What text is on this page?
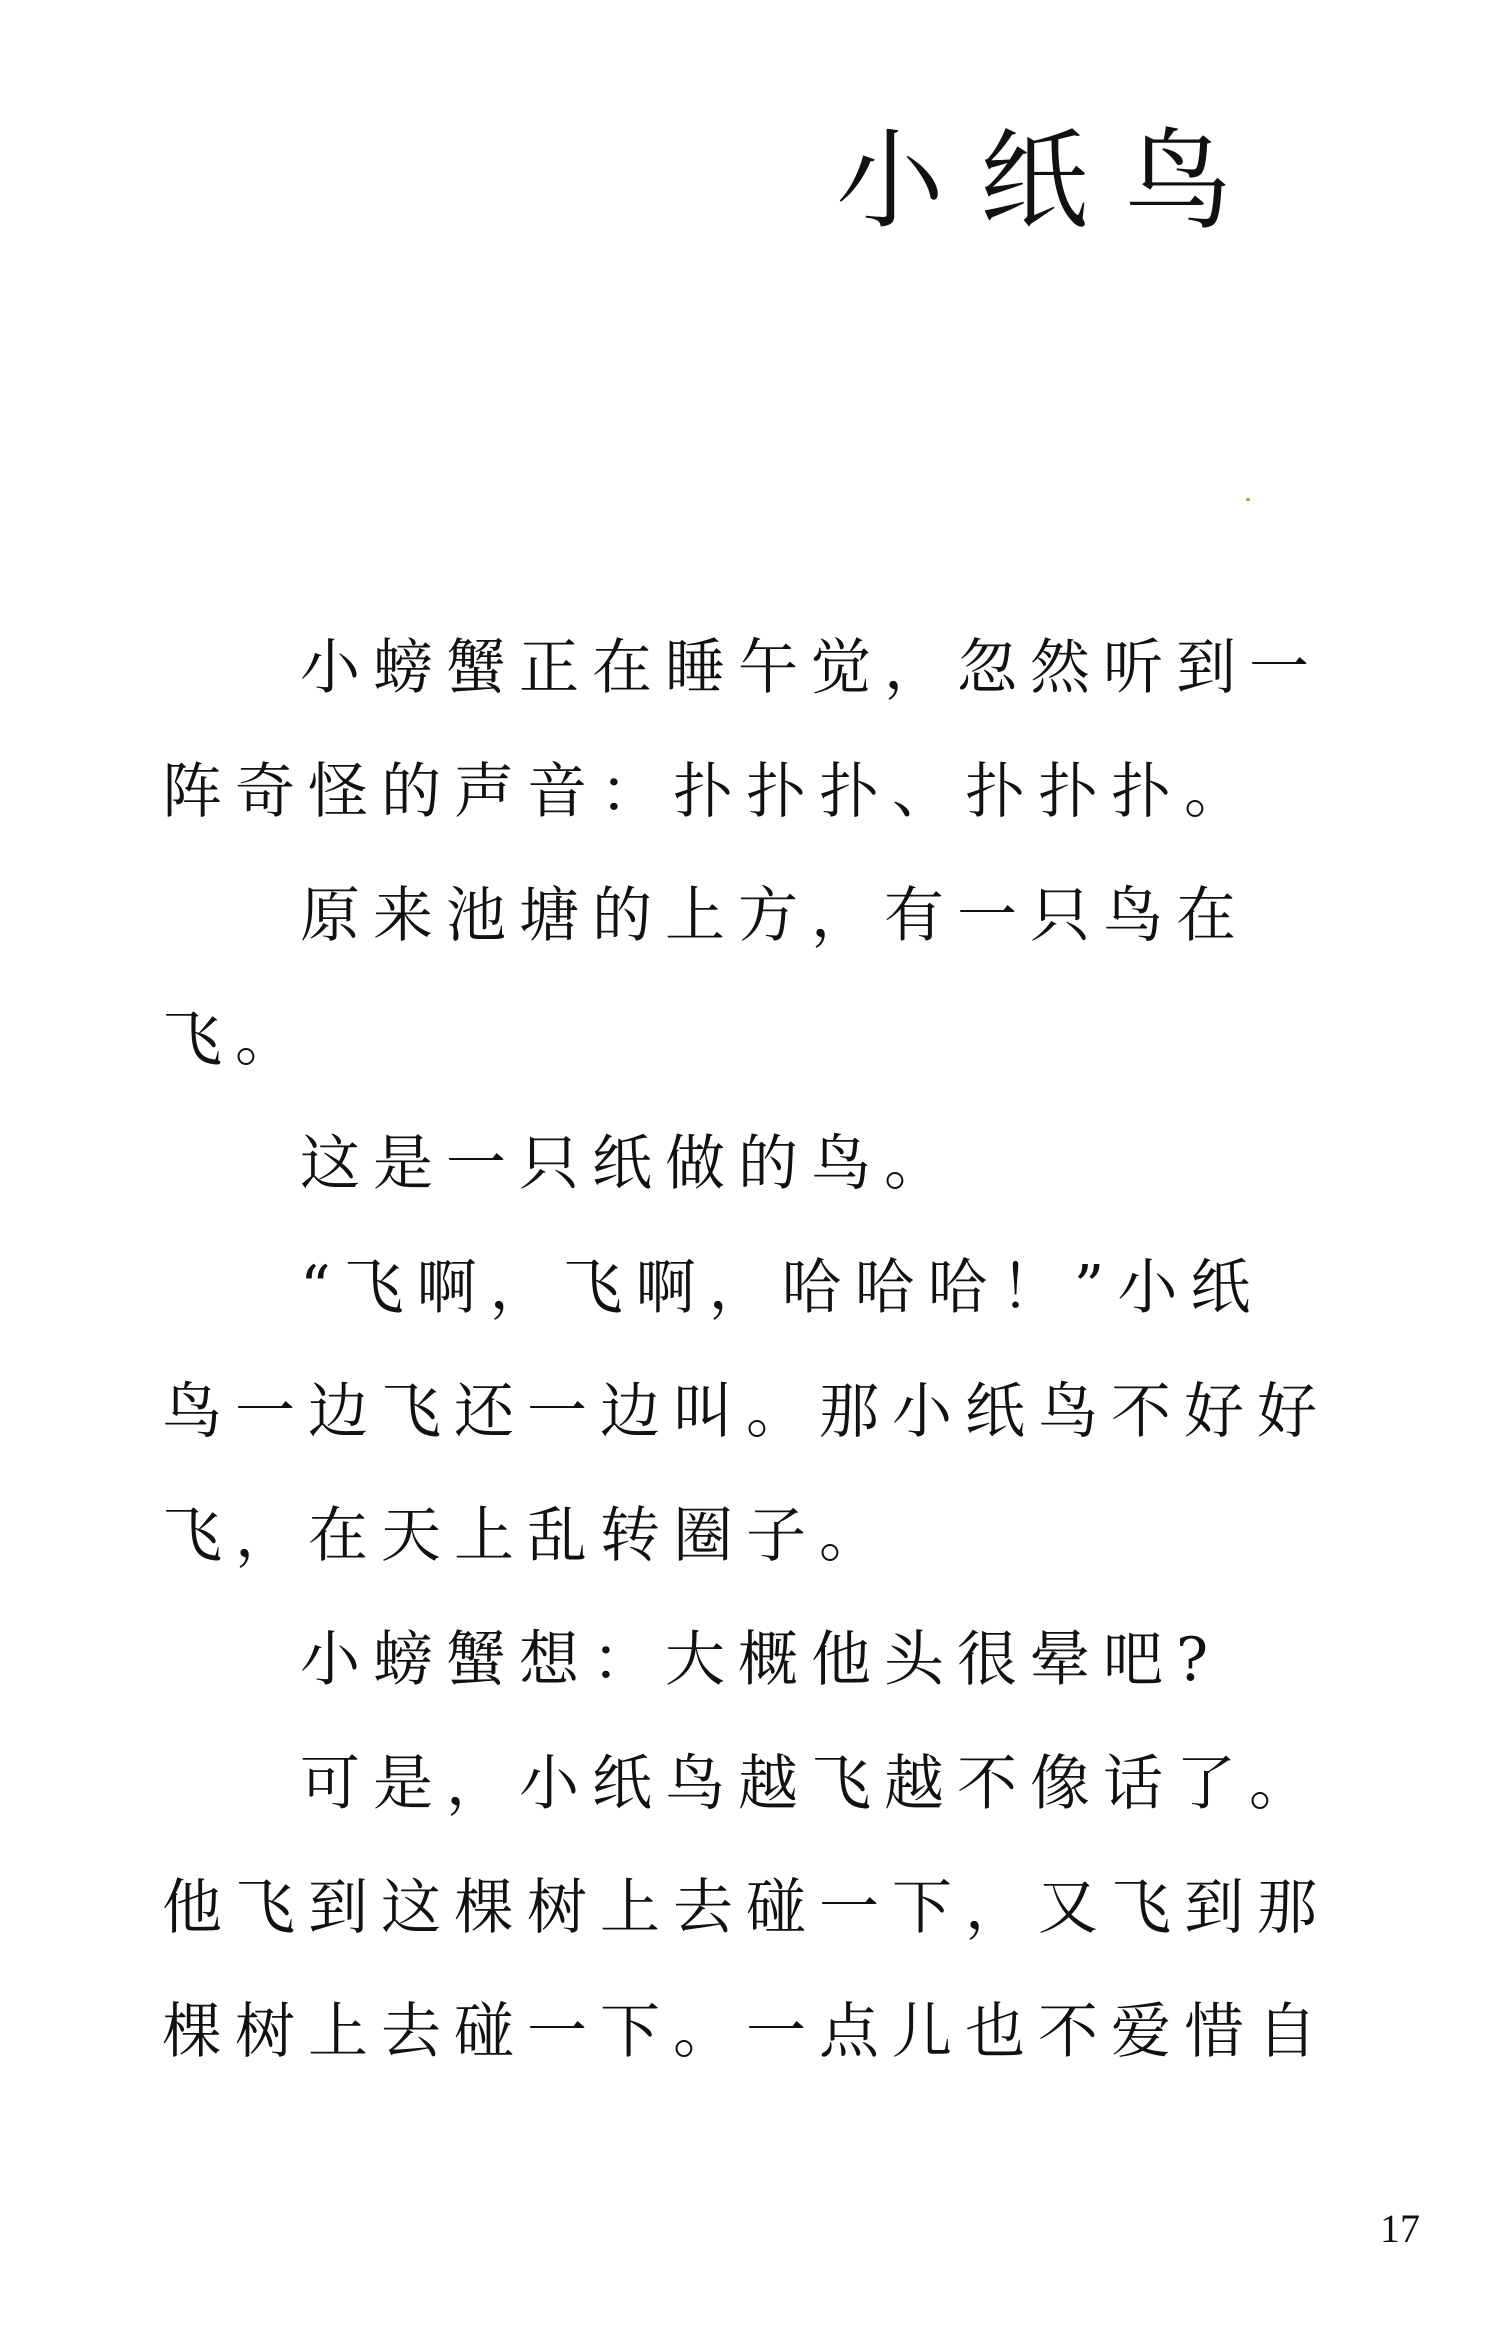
小纸鸟

小螃蟹正在睡午觉，忽然听到一

阵奇怪的声音：扑扑扑、扑扑扑。

原来池塘的上方，有一只鸟在

飞。

这是一只纸做的鸟。

“飞啊，飞啊，哈哈哈！”小纸

鸟一边飞还一边叫。那小纸鸟不好好

飞，在天上乱转圈子。

小螃蟹想：大概他头很晕吧?

可是，小纸鸟越飞越不像话了。

他飞到这棵树上去碰一下，又飞到那

棵树上去碰一下。一点儿也不爱惜自

17
